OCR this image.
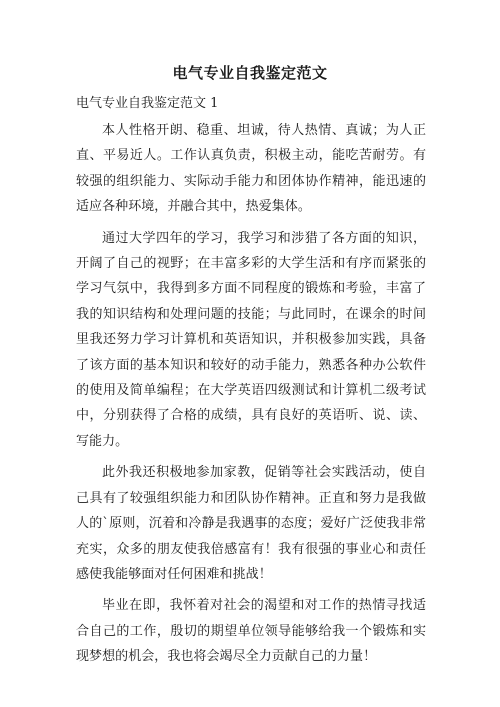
电气专业自我鉴定范文

电气专业自我鉴定范文 1

本人性格开朗、稳重、坦诚，待人热情、真诚；为人正直、平易近人。工作认真负责，积极主动，能吃苦耐劳。有较强的组织能力、实际动手能力和团体协作精神，能迅速的适应各种环境，并融合其中，热爱集体。

通过大学四年的学习，我学习和涉猎了各方面的知识，开阔了自己的视野；在丰富多彩的大学生活和有序而紧张的学习气氛中，我得到多方面不同程度的锻炼和考验，丰富了我的知识结构和处理问题的技能；与此同时，在课余的时间里我还努力学习计算机和英语知识，并积极参加实践，具备了该方面的基本知识和较好的动手能力，熟悉各种办公软件的使用及简单编程；在大学英语四级测试和计算机二级考试中，分别获得了合格的成绩，具有良好的英语听、说、读、写能力。

此外我还积极地参加家教，促销等社会实践活动，使自己具有了较强组织能力和团队协作精神。正直和努力是我做人的`原则，沉着和冷静是我遇事的态度；爱好广泛使我非常充实，众多的朋友使我倍感富有！我有很强的事业心和责任感使我能够面对任何困难和挑战！

毕业在即，我怀着对社会的渴望和对工作的热情寻找适合自己的工作，殷切的期望单位领导能够给我一个锻炼和实现梦想的机会，我也将会竭尽全力贡献自己的力量！
